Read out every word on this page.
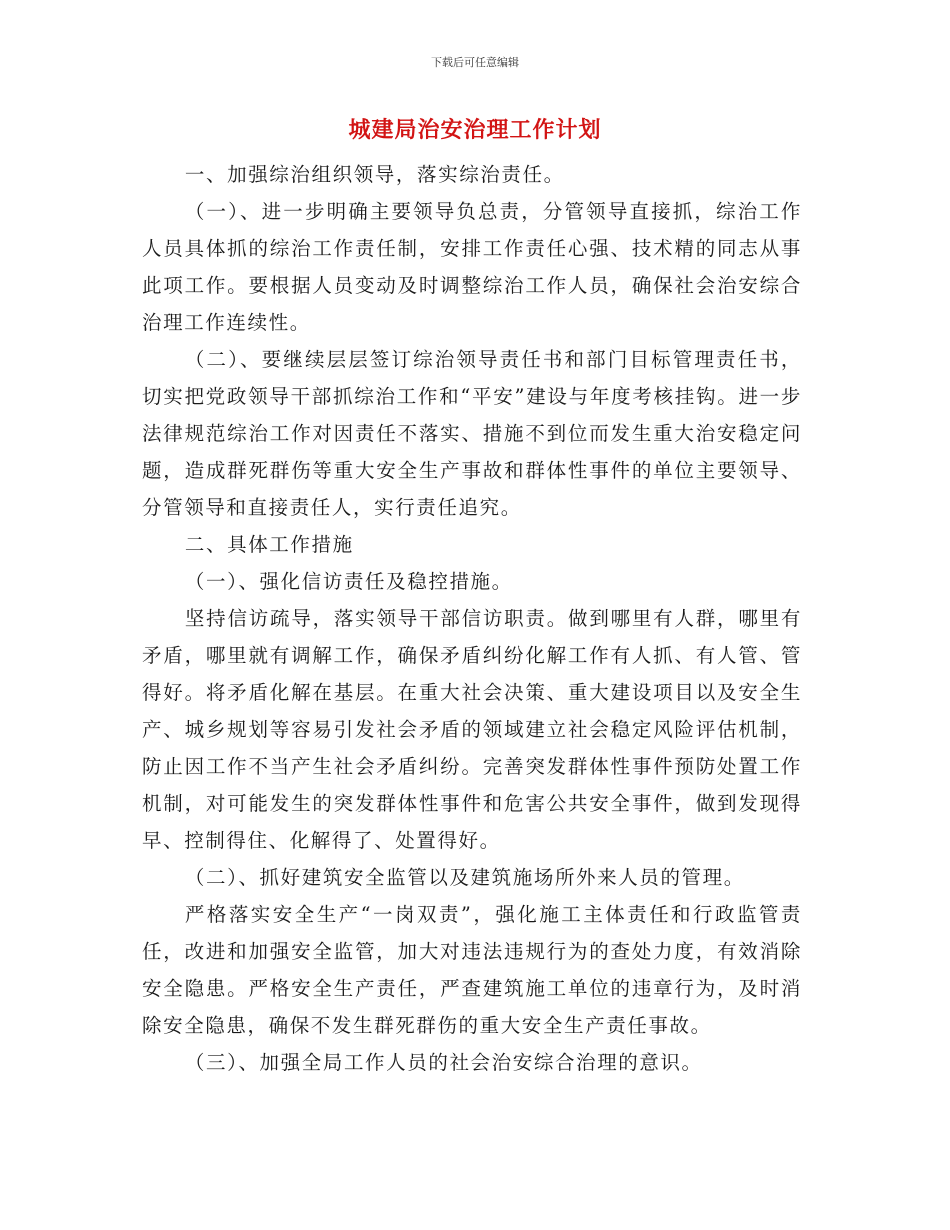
下载后可任意编辑
城建局治安治理工作计划

一、加强综治组织领导，落实综治责任。

（一）、进一步明确主要领导负总责，分管领导直接抓，综治工作人员具体抓的综治工作责任制，安排工作责任心强、技术精的同志从事此项工作。要根据人员变动及时调整综治工作人员，确保社会治安综合治理工作连续性。

（二）、要继续层层签订综治领导责任书和部门目标管理责任书，切实把党政领导干部抓综治工作和“平安”建设与年度考核挂钩。进一步法律规范综治工作对因责任不落实、措施不到位而发生重大治安稳定问题，造成群死群伤等重大安全生产事故和群体性事件的单位主要领导、分管领导和直接责任人，实行责任追究。

二、具体工作措施

（一）、强化信访责任及稳控措施。

坚持信访疏导，落实领导干部信访职责。做到哪里有人群，哪里有矛盾，哪里就有调解工作，确保矛盾纠纷化解工作有人抓、有人管、管得好。将矛盾化解在基层。在重大社会决策、重大建设项目以及安全生产、城乡规划等容易引发社会矛盾的领域建立社会稳定风险评估机制，防止因工作不当产生社会矛盾纠纷。完善突发群体性事件预防处置工作机制，对可能发生的突发群体性事件和危害公共安全事件，做到发现得早、控制得住、化解得了、处置得好。

（二）、抓好建筑安全监管以及建筑施场所外来人员的管理。

严格落实安全生产“一岗双责”，强化施工主体责任和行政监管责任，改进和加强安全监管，加大对违法违规行为的查处力度，有效消除安全隐患。严格安全生产责任，严查建筑施工单位的违章行为，及时消除安全隐患，确保不发生群死群伤的重大安全生产责任事故。

（三）、加强全局工作人员的社会治安综合治理的意识。
